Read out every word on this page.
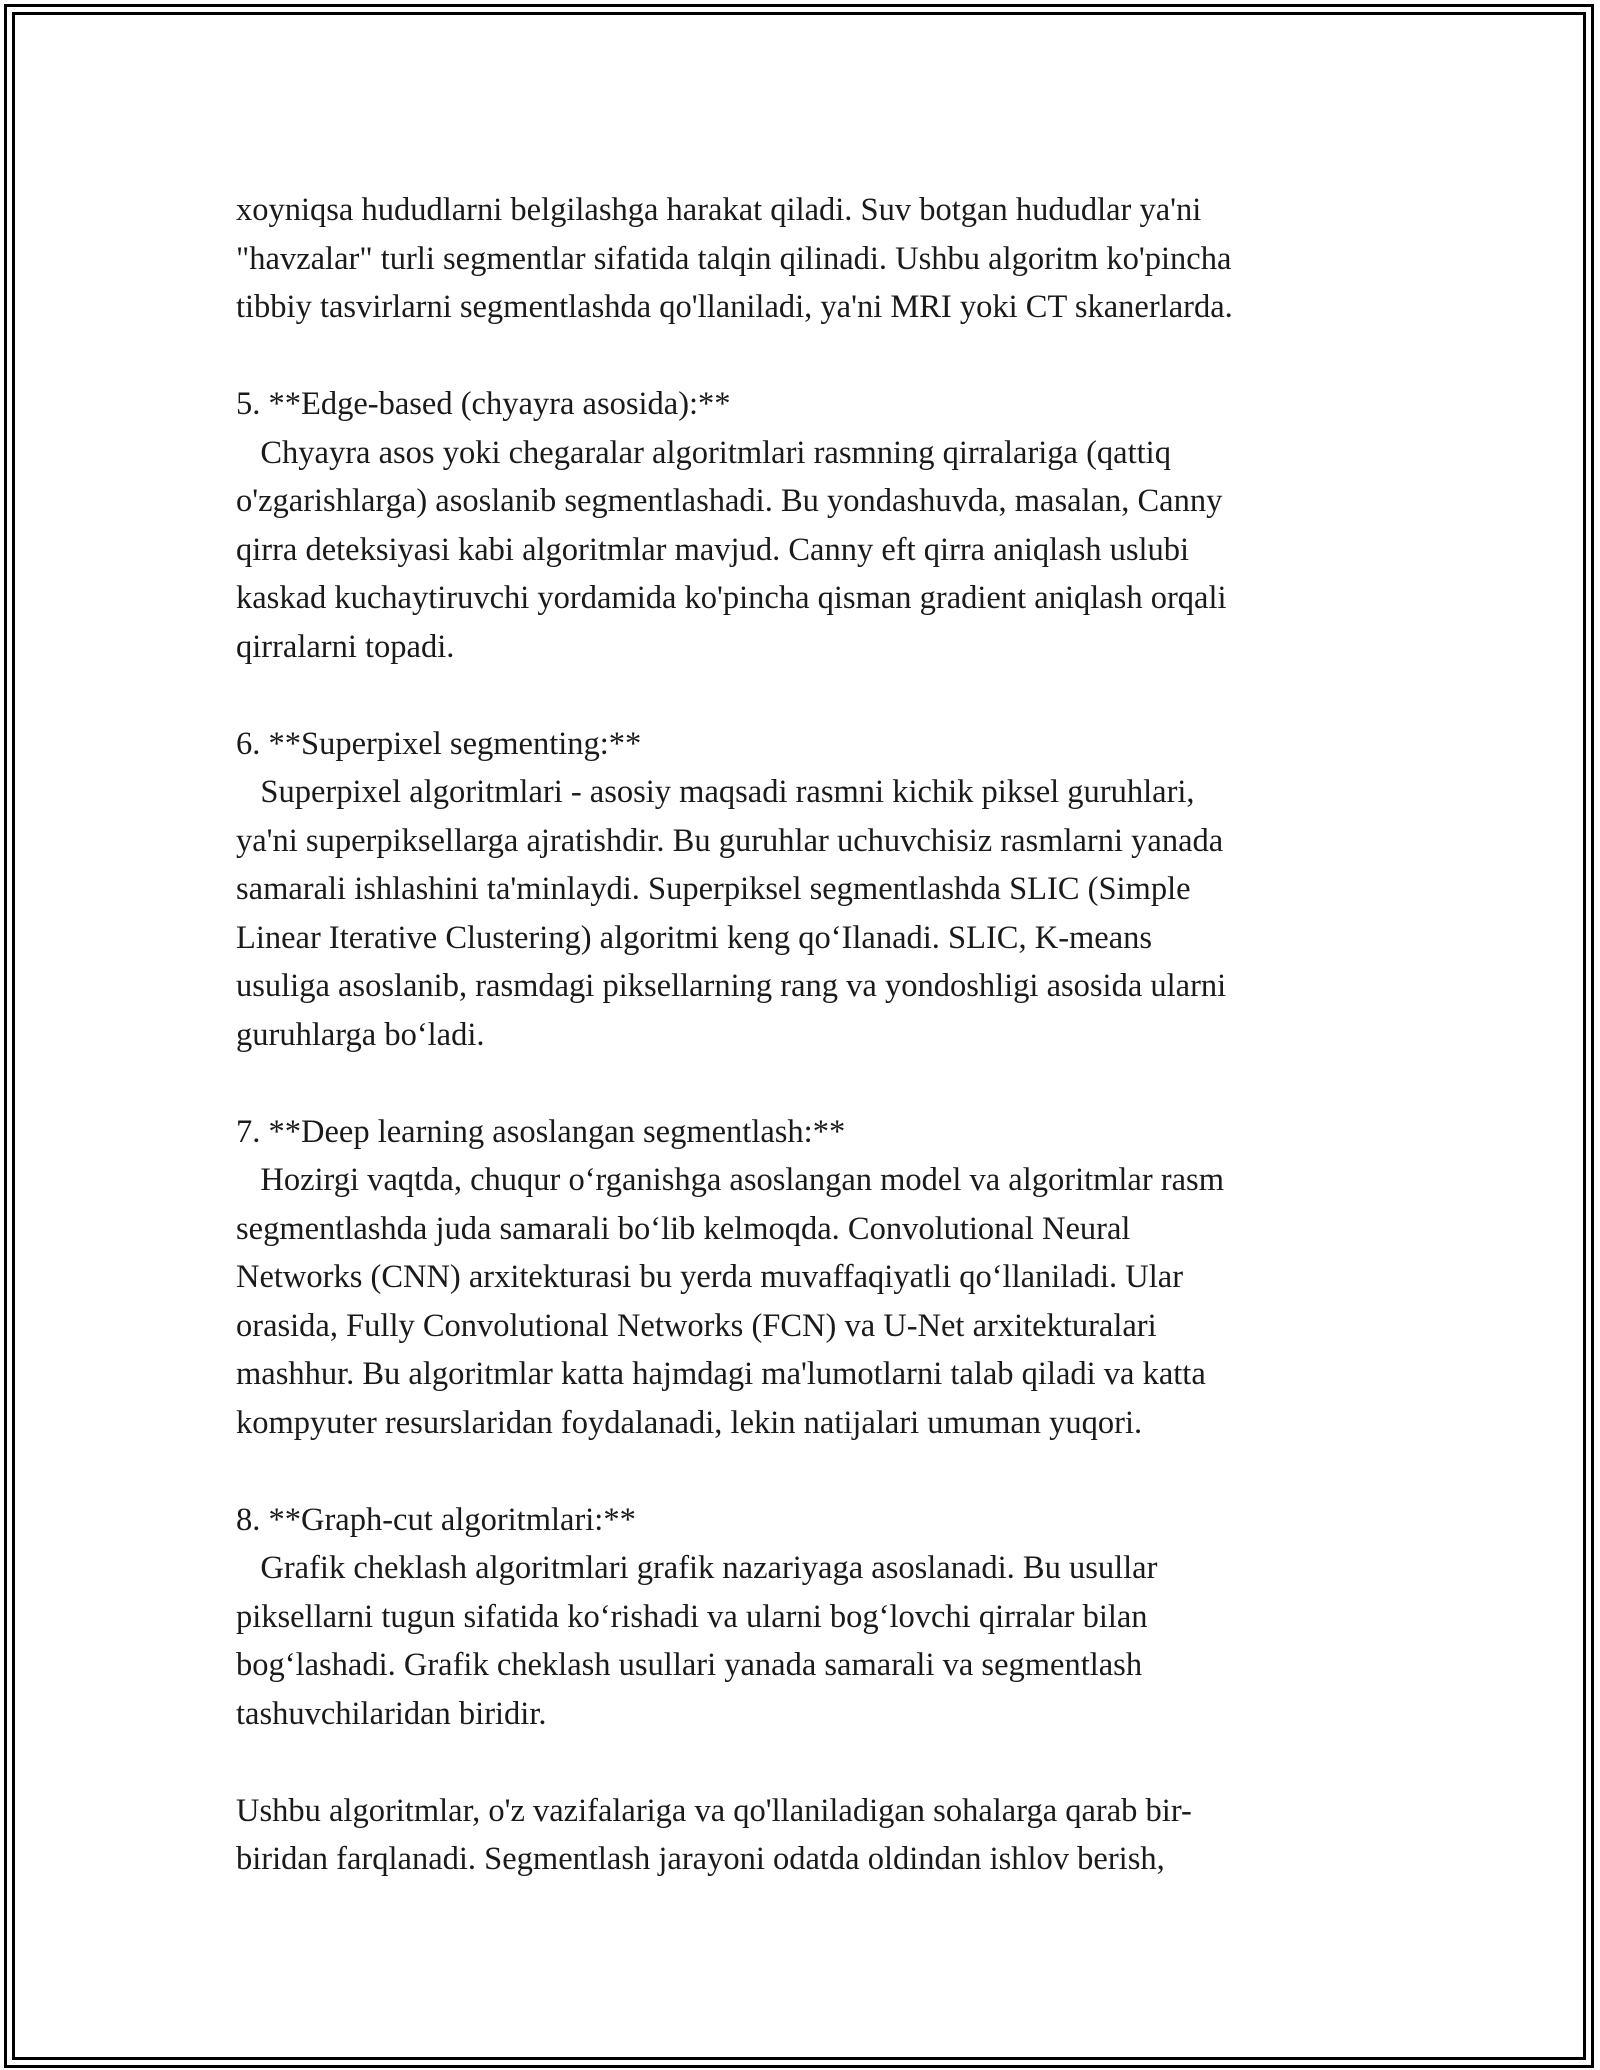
xoyniqsa hududlarni belgilashga harakat qiladi. Suv botgan hududlar ya'ni
"havzalar" turli segmentlar sifatida talqin qilinadi. Ushbu algoritm ko'pincha
tibbiy tasvirlarni segmentlashda qo'llaniladi, ya'ni MRI yoki CT skanerlarda.
5. **Edge-based (chyayra asosida):**
Chyayra asos yoki chegaralar algoritmlari rasmning qirralariga (qattiq
o'zgarishlarga) asoslanib segmentlashadi. Bu yondashuvda, masalan, Canny
qirra deteksiyasi kabi algoritmlar mavjud. Canny eft qirra aniqlash uslubi
kaskad kuchaytiruvchi yordamida ko'pincha qisman gradient aniqlash orqali
qirralarni topadi.
6. **Superpixel segmenting:**
Superpixel algoritmlari - asosiy maqsadi rasmni kichik piksel guruhlari,
ya'ni superpiksellarga ajratishdir. Bu guruhlar uchuvchisiz rasmlarni yanada
samarali ishlashini ta'minlaydi. Superpiksel segmentlashda SLIC (Simple
Linear Iterative Clustering) algoritmi keng qo‘Ilanadi. SLIC, K-means
usuliga asoslanib, rasmdagi piksellarning rang va yondoshligi asosida ularni
guruhlarga bo‘ladi.
7. **Deep learning asoslangan segmentlash:**
Hozirgi vaqtda, chuqur o‘rganishga asoslangan model va algoritmlar rasm
segmentlashda juda samarali bo‘lib kelmoqda. Convolutional Neural
Networks (CNN) arxitekturasi bu yerda muvaffaqiyatli qo‘llaniladi. Ular
orasida, Fully Convolutional Networks (FCN) va U-Net arxitekturalari
mashhur. Bu algoritmlar katta hajmdagi ma'lumotlarni talab qiladi va katta
kompyuter resurslaridan foydalanadi, lekin natijalari umuman yuqori.
8. **Graph-cut algoritmlari:**
Grafik cheklash algoritmlari grafik nazariyaga asoslanadi. Bu usullar
piksellarni tugun sifatida ko‘rishadi va ularni bog‘lovchi qirralar bilan
bog‘lashadi. Grafik cheklash usullari yanada samarali va segmentlash
tashuvchilaridan biridir.
Ushbu algoritmlar, o'z vazifalariga va qo'llaniladigan sohalarga qarab bir-
biridan farqlanadi. Segmentlash jarayoni odatda oldindan ishlov berish,
